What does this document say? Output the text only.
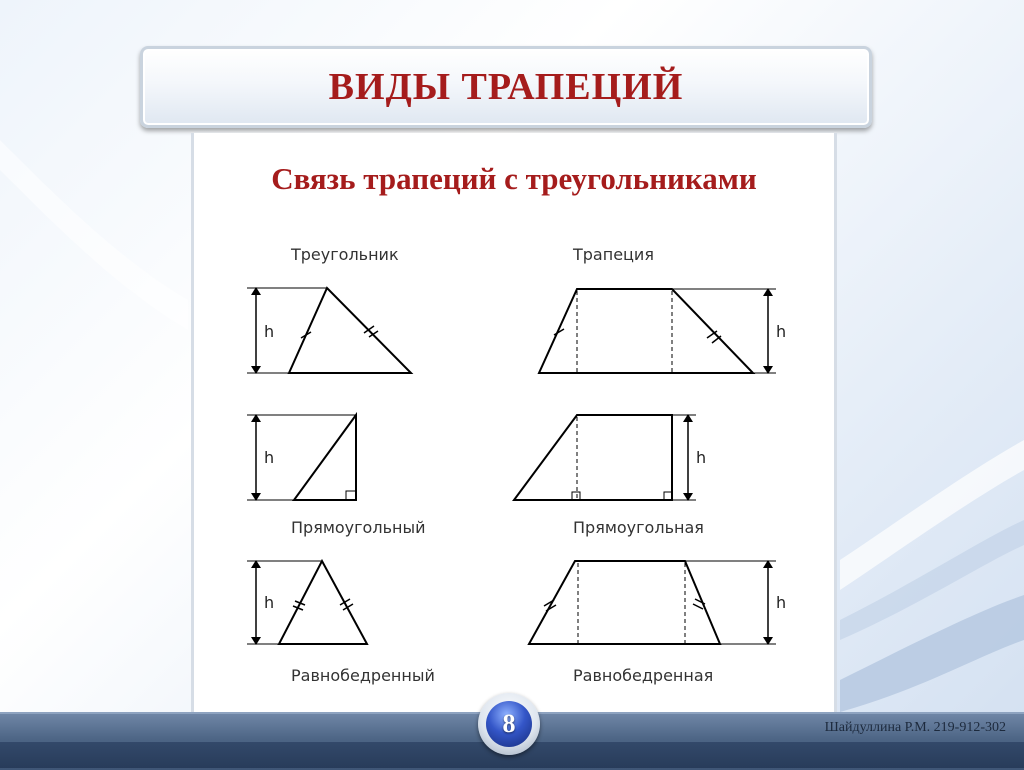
ВИДЫ ТРАПЕЦИЙ
Связь трапеций с треугольниками
Треугольник	Трапеция
Прямоугольный	Прямоугольная
Равнобедренный	Равнобедренная
h	h
h	h
h	h
8	Шайдуллина Р.М. 219-912-302
